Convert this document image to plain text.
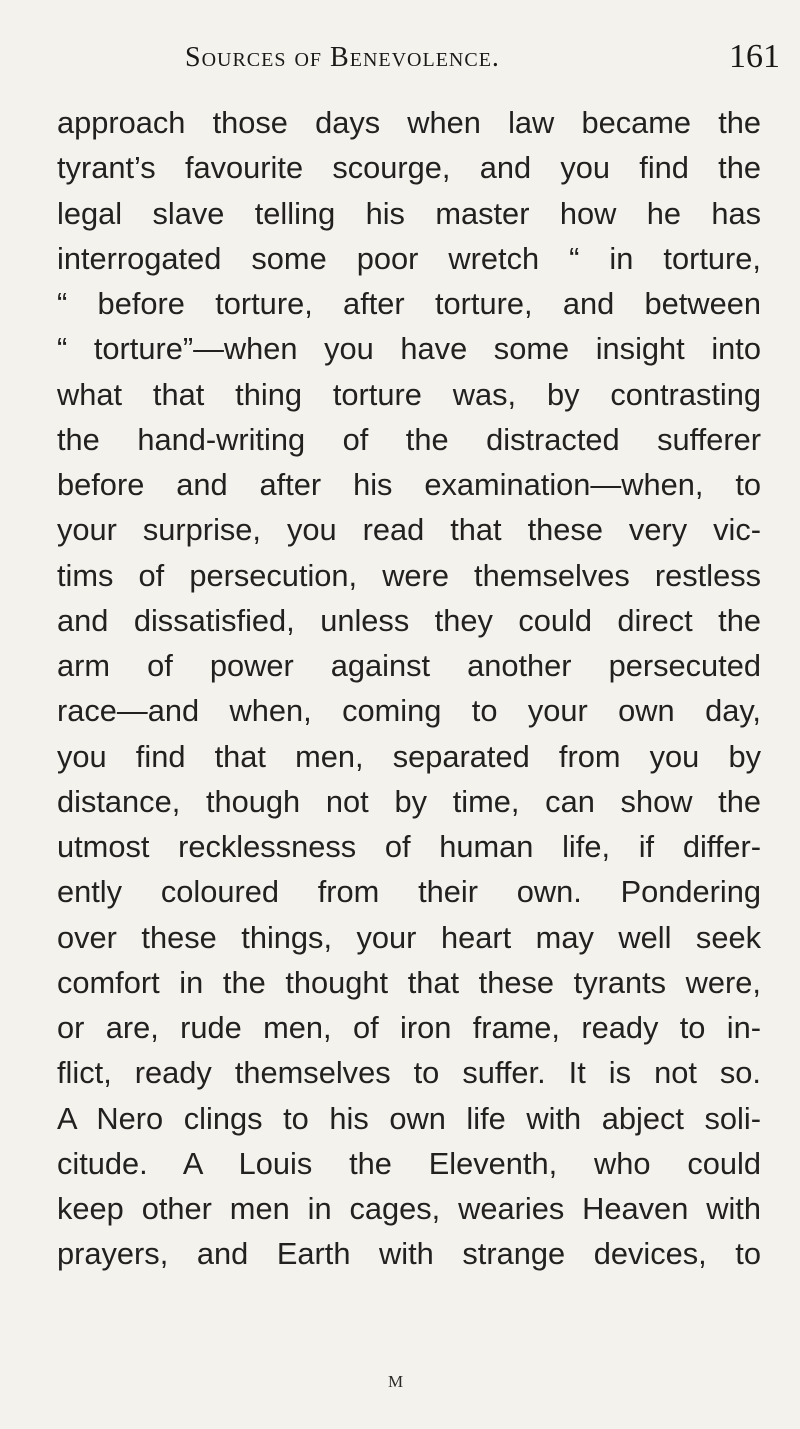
Sources of Benevolence.	161
approach those days when law became the
tyrant’s favourite scourge, and you find the
legal slave telling his master how he has
interrogated some poor wretch “ in torture,
“ before torture, after torture, and between
“ torture”—when you have some insight into
what that thing torture was, by contrasting
the hand-writing of the distracted sufferer
before and after his examination—when, to
your surprise, you read that these very vic-
tims of persecution, were themselves restless
and dissatisfied, unless they could direct the
arm of power against another persecuted
race—and when, coming to your own day,
you find that men, separated from you by
distance, though not by time, can show the
utmost recklessness of human life, if differ-
ently coloured from their own. Pondering
over these things, your heart may well seek
comfort in the thought that these tyrants were,
or are, rude men, of iron frame, ready to in-
flict, ready themselves to suffer. It is not so.
A Nero clings to his own life with abject soli-
citude. A Louis the Eleventh, who could
keep other men in cages, wearies Heaven with
prayers, and Earth with strange devices, to
M
